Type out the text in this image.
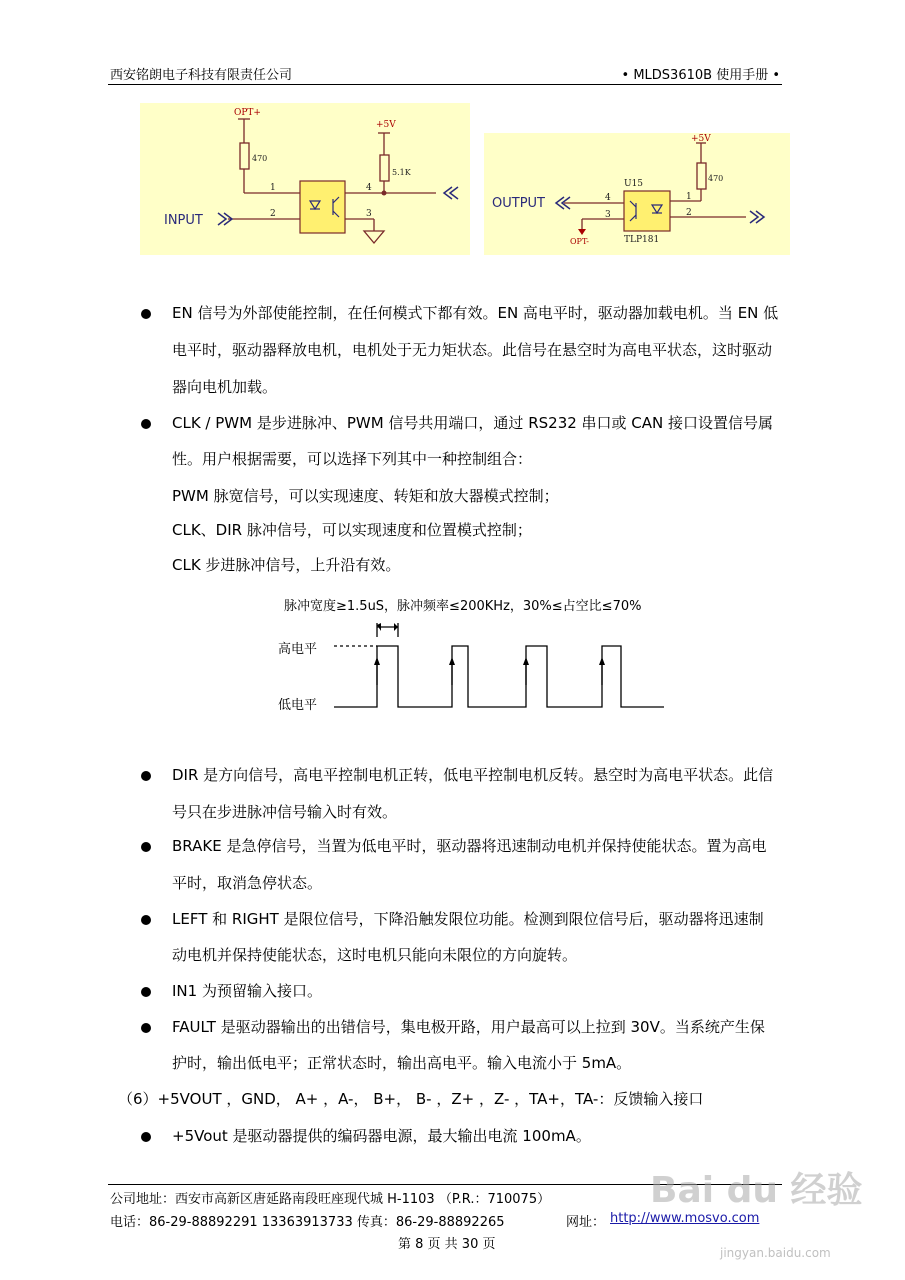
西安铭朗电子科技有限责任公司	• MLDS3610B 使用手册 •
OPT+
470
+5V
5.1K
1
2	3
4
INPUT
+5V
470
U15
TLP181
OUTPUT
OPT-
1
2
3
4
EN 信号为外部使能控制，在任何模式下都有效。EN 高电平时，驱动器加载电机。当 EN 低
电平时，驱动器释放电机，电机处于无力矩状态。此信号在悬空时为高电平状态，这时驱动
器向电机加载。
CLK / PWM 是步进脉冲、PWM 信号共用端口，通过 RS232 串口或 CAN 接口设置信号属
性。用户根据需要，可以选择下列其中一种控制组合：
PWM 脉宽信号，可以实现速度、转矩和放大器模式控制；
CLK、DIR 脉冲信号，可以实现速度和位置模式控制；
CLK 步进脉冲信号，上升沿有效。
脉冲宽度≥1.5uS，脉冲频率≤200KHz，30%≤占空比≤70%
高电平
低电平
DIR 是方向信号，高电平控制电机正转，低电平控制电机反转。悬空时为高电平状态。此信
号只在步进脉冲信号输入时有效。
BRAKE 是急停信号，当置为低电平时，驱动器将迅速制动电机并保持使能状态。置为高电
平时，取消急停状态。
LEFT 和 RIGHT 是限位信号，下降沿触发限位功能。检测到限位信号后，驱动器将迅速制
动电机并保持使能状态，这时电机只能向未限位的方向旋转。
IN1 为预留输入接口。
FAULT 是驱动器输出的出错信号，集电极开路，用户最高可以上拉到 30V。当系统产生保
护时，输出低电平；正常状态时，输出高电平。输入电流小于 5mA。
（6）+5VOUT ，GND， A+ ，A-， B+， B- ，Z+ ，Z- ，TA+，TA-：反馈输入接口
+5Vout 是驱动器提供的编码器电源，最大输出电流 100mA。
公司地址：西安市高新区唐延路南段旺座现代城 H-1103 （P.R.：710075）
电话：86-29-88892291 13363913733 传真：86-29-88892265	网址： http://www.mosvo.com
第 8 页 共 30 页
Bai du 经验
jingyan.baidu.com
